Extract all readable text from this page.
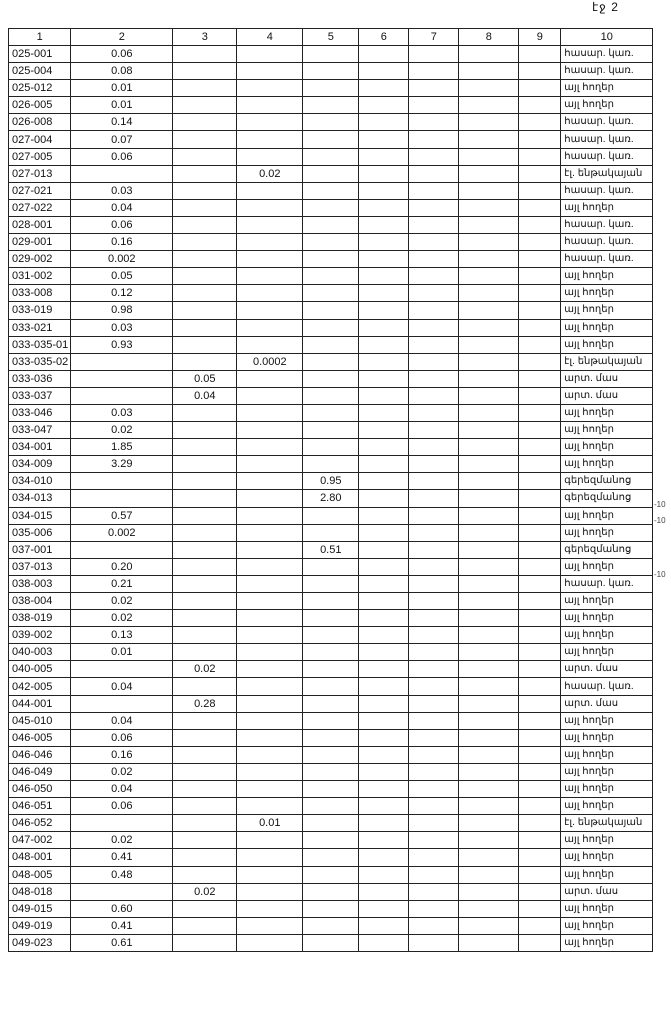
էջ 2
1	2	3	4	5	6	7	8	9	10
025-001	0.06								հասար. կառ.
025-004	0.08								հասար. կառ.
025-012	0.01								այլ հողեր
026-005	0.01								այլ հողեր
026-008	0.14								հասար. կառ.
027-004	0.07								հասար. կառ.
027-005	0.06								հասար. կառ.
027-013			0.02						էլ. ենթակայան
027-021	0.03								հասար. կառ.
027-022	0.04								այլ հողեր
028-001	0.06								հասար. կառ.
029-001	0.16								հասար. կառ.
029-002	0.002								հասար. կառ.
031-002	0.05								այլ հողեր
033-008	0.12								այլ հողեր
033-019	0.98								այլ հողեր
033-021	0.03								այլ հողեր
033-035-01	0.93								այլ հողեր
033-035-02			0.0002						էլ. ենթակայան
033-036		0.05							արտ. մաս
033-037		0.04							արտ. մաս
033-046	0.03								այլ հողեր
033-047	0.02								այլ հողեր
034-001	1.85								այլ հողեր
034-009	3.29								այլ հողեր
034-010				0.95					գերեզմանոց
034-013				2.80					գերեզմանոց
034-015	0.57								այլ հողեր
035-006	0.002								այլ հողեր
037-001				0.51					գերեզմանոց
037-013	0.20								այլ հողեր
038-003	0.21								հասար. կառ.
038-004	0.02								այլ հողեր
038-019	0.02								այլ հողեր
039-002	0.13								այլ հողեր
040-003	0.01								այլ հողեր
040-005		0.02							արտ. մաս
042-005	0.04								հասար. կառ.
044-001		0.28							արտ. մաս
045-010	0.04								այլ հողեր
046-005	0.06								այլ հողեր
046-046	0.16								այլ հողեր
046-049	0.02								այլ հողեր
046-050	0.04								այլ հողեր
046-051	0.06								այլ հողեր
046-052			0.01						էլ. ենթակայան
047-002	0.02								այլ հողեր
048-001	0.41								այլ հողեր
048-005	0.48								այլ հողեր
048-018		0.02							արտ. մաս
049-015	0.60								այլ հողեր
049-019	0.41								այլ հողեր
049-023	0.61								այլ հողեր
-10
-10
-10
